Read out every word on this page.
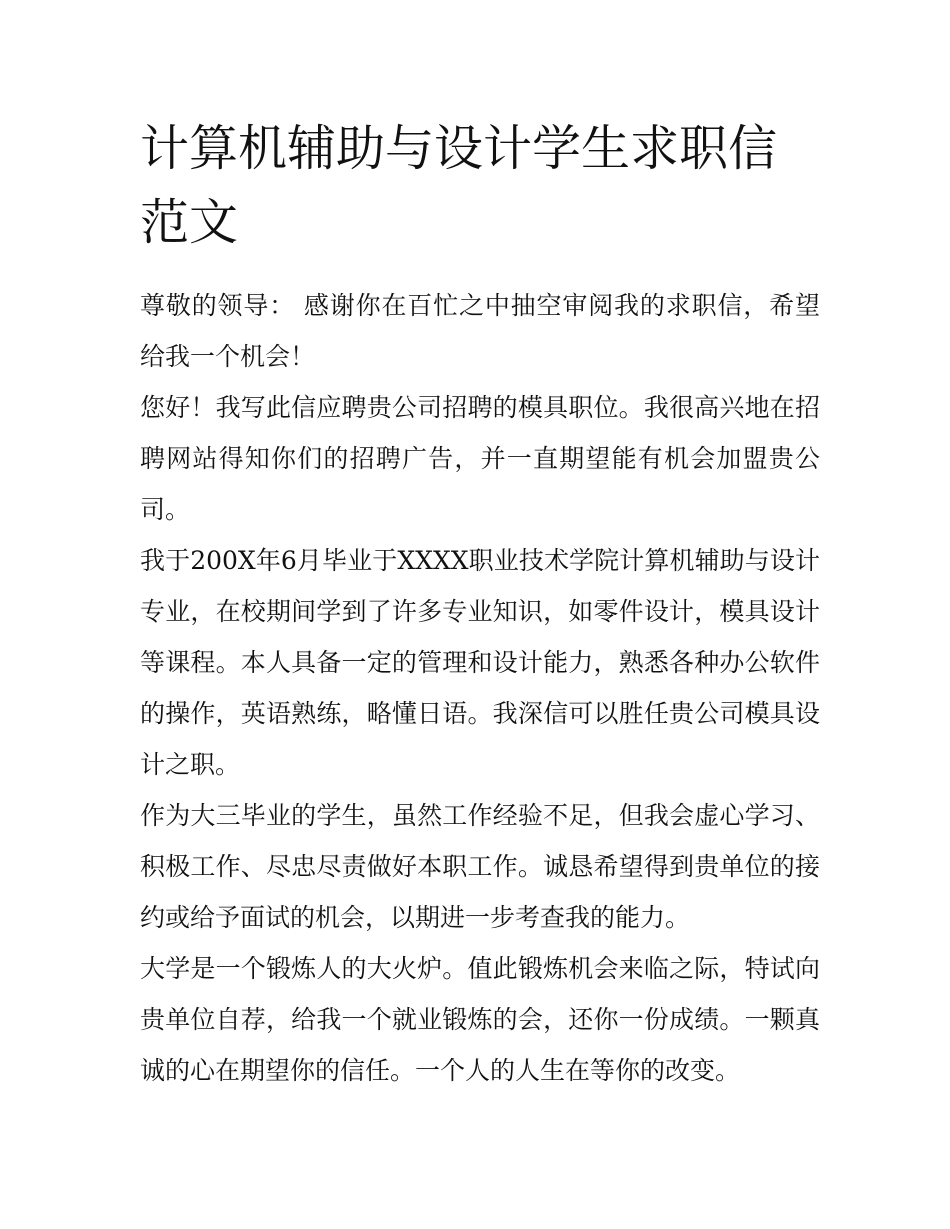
计算机辅助与设计学生求职信范文

尊敬的领导： 感谢你在百忙之中抽空审阅我的求职信，希望给我一个机会！

您好！我写此信应聘贵公司招聘的模具职位。我很高兴地在招聘网站得知你们的招聘广告，并一直期望能有机会加盟贵公司。

我于200X年6月毕业于XXXX职业技术学院计算机辅助与设计专业，在校期间学到了许多专业知识，如零件设计，模具设计等课程。本人具备一定的管理和设计能力，熟悉各种办公软件的操作，英语熟练，略懂日语。我深信可以胜任贵公司模具设计之职。

作为大三毕业的学生，虽然工作经验不足，但我会虚心学习、积极工作、尽忠尽责做好本职工作。诚恳希望得到贵单位的接约或给予面试的机会，以期进一步考查我的能力。

大学是一个锻炼人的大火炉。值此锻炼机会来临之际，特试向贵单位自荐，给我一个就业锻炼的会，还你一份成绩。一颗真诚的心在期望你的信任。一个人的人生在等你的改变。
